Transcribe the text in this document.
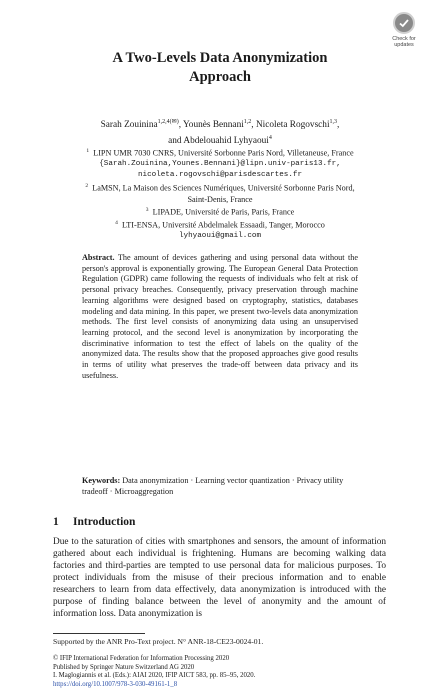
Check for
updates
A Two-Levels Data Anonymization
Approach
Sarah Zouinina$^{1,2,4(✉)}$, Younès Bennani$^{1,2}$, Nicoleta Rogovschi$^{1,3}$,
and Abdelouahid Lyhyaoui$^4$
$^1$ LIPN UMR 7030 CNRS, Université Sorbonne Paris Nord, Villetaneuse, France
{Sarah.Zouinina,Younes.Bennani}@lipn.univ-paris13.fr,
nicoleta.rogovschi@parisdescartes.fr
$^2$ LaMSN, La Maison des Sciences Numériques, Université Sorbonne Paris Nord,
Saint-Denis, France
$^3$ LIPADE, Université de Paris, Paris, France
$^4$ LTI-ENSA, Université Abdelmalek Essaadi, Tanger, Morocco
lyhyaoui@gmail.com
Abstract. The amount of devices gathering and using personal data without the person's approval is exponentially growing. The European General Data Protection Regulation (GDPR) came following the requests of individuals who felt at risk of personal privacy breaches. Consequently, privacy preservation through machine learning algorithms were designed based on cryptography, statistics, databases modeling and data mining. In this paper, we present two-levels data anonymization methods. The first level consists of anonymizing data using an unsupervised learning protocol, and the second level is anonymization by incorporating the discriminative information to test the effect of labels on the quality of the anonymized data. The results show that the proposed approaches give good results in terms of utility what preserves the trade-off between data privacy and its usefulness.
Keywords: Data anonymization · Learning vector quantization · Privacy utility tradeoff · Microaggregation
1 Introduction
Due to the saturation of cities with smartphones and sensors, the amount of information gathered about each individual is frightening. Humans are becoming walking data factories and third-parties are tempted to use personal data for malicious purposes. To protect individuals from the misuse of their precious information and to enable researchers to learn from data effectively, data anonymization is introduced with the purpose of finding balance between the level of anonymity and the amount of information loss. Data anonymization is
Supported by the ANR Pro-Text project. N° ANR-18-CE23-0024-01.
© IFIP International Federation for Information Processing 2020
Published by Springer Nature Switzerland AG 2020
I. Maglogiannis et al. (Eds.): AIAI 2020, IFIP AICT 583, pp. 85–95, 2020.
https://doi.org/10.1007/978-3-030-49161-1_8
